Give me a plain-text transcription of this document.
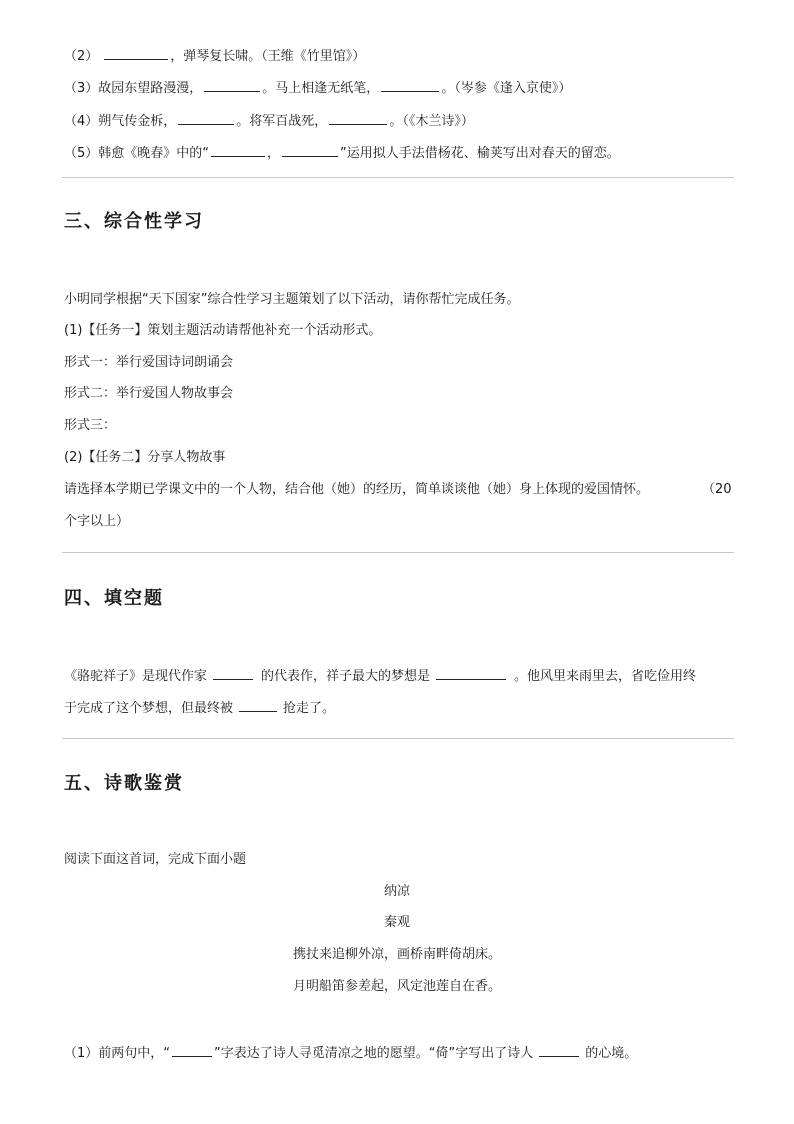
（2）	，弹琴复长啸。（王维《竹里馆》）
（3）故园东望路漫漫，	。马上相逢无纸笔，	。（岑参《逢入京使》）
（4）朔气传金柝，	。将军百战死，	。（《木兰诗》）
（5）韩愈《晚春》中的“	，	”运用拟人手法借杨花、榆荚写出对春天的留恋。
三、综合性学习
小明同学根据“天下国家”综合性学习主题策划了以下活动，请你帮忙完成任务。
(1)【任务一】策划主题活动请帮他补充一个活动形式。
形式一：举行爱国诗词朗诵会
形式二：举行爱国人物故事会
形式三：
(2)【任务二】分享人物故事
请选择本学期已学课文中的一个人物，结合他（她）的经历，简单谈谈他（她）身上体现的爱国情怀。	（20
个字以上）
四、填空题
《骆驼祥子》是现代作家	的代表作，祥子最大的梦想是	。他风里来雨里去，省吃俭用终
于完成了这个梦想，但最终被	抢走了。
五、诗歌鉴赏
阅读下面这首词，完成下面小题
纳凉
秦观
携扙来追柳外凉，画桥南畔倚胡床。
月明船笛参差起，风定池莲自在香。
（1）前两句中，“	”字表达了诗人寻觅清凉之地的愿望。“倚”字写出了诗人	的心境。
